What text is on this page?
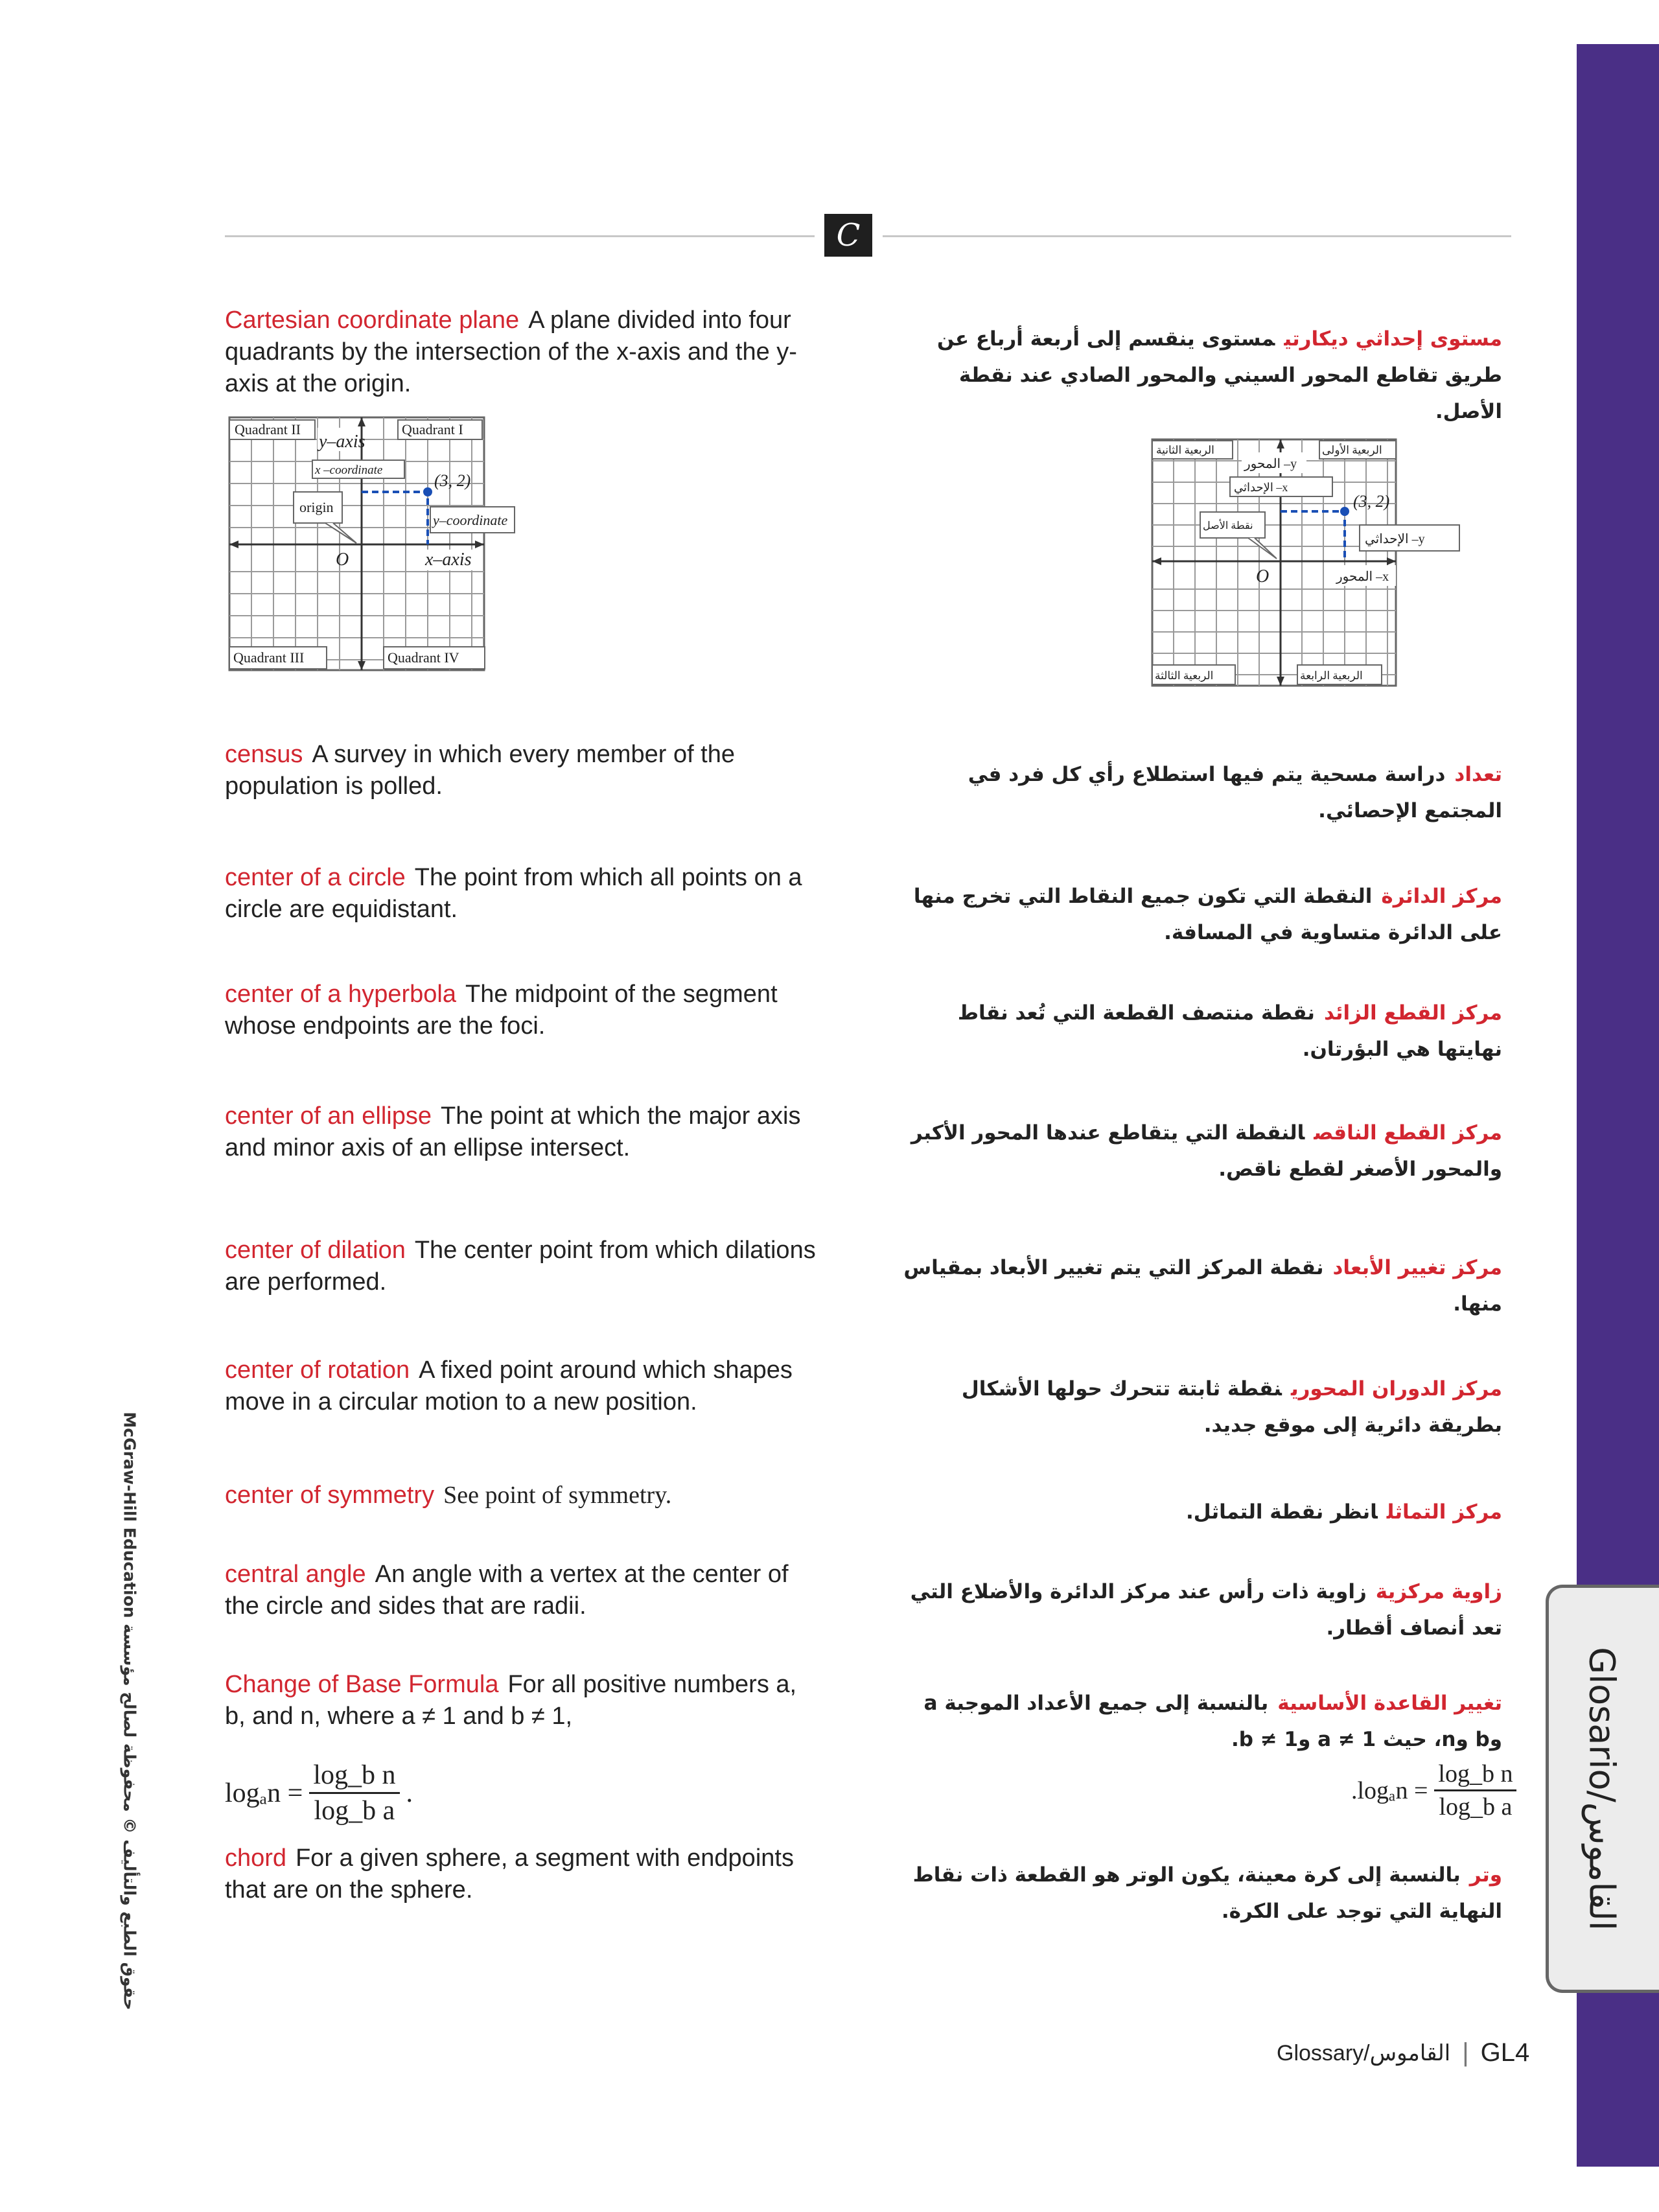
Glosario/القاموس
McGraw-Hill Education حقوق الطبع والتأليف © محفوظة لصالح مؤسسة
C
Cartesian coordinate plane A plane divided into four quadrants by the intersection of the x-axis and the y-axis at the origin.
census A survey in which every member of the population is polled.
center of a circle The point from which all points on a circle are equidistant.
center of a hyperbola The midpoint of the segment whose endpoints are the foci.
center of an ellipse The point at which the major axis and minor axis of an ellipse intersect.
center of dilation The center point from which dilations are performed.
center of rotation A fixed point around which shapes move in a circular motion to a new position.
center of symmetry See point of symmetry.
central angle An angle with a vertex at the center of the circle and sides that are radii.
Change of Base Formula For all positive numbers a, b, and n, where a ≠ 1 and b ≠ 1,
$\log_an = \frac{\text{log\_b n}}{\text{log\_b a}}$ .
chord For a given sphere, a segment with endpoints that are on the sphere.
مستوى إحداثي ديكارتيمستوى ينقسم إلى أربعة أرباع عن طريق تقاطع المحور السيني والمحور الصادي عند نقطة الأصل.
تعداددراسة مسحية يتم فيها استطلاع رأي كل فرد في المجتمع الإحصائي.
مركز الدائرةالنقطة التي تكون جميع النقاط التي تخرج منها على الدائرة متساوية في المسافة.
مركز القطع الزائدنقطة منتصف القطعة التي تُعد نقاط نهايتها هي البؤرتان.
مركز القطع الناقصالنقطة التي يتقاطع عندها المحور الأكبر والمحور الأصغر لقطع ناقص.
مركز تغيير الأبعادنقطة المركز التي يتم تغيير الأبعاد بمقياس منها.
مركز الدوران المحورينقطة ثابتة تتحرك حولها الأشكال بطريقة دائرية إلى موقع جديد.
مركز التماثلانظر نقطة التماثل.
زاوية مركزيةزاوية ذات رأس عند مركز الدائرة والأضلاع التي تعد أنصاف أقطار.
تغيير القاعدة الأساسيةبالنسبة إلى جميع الأعداد الموجبة a وb وn، حيث a ≠ 1 وb ≠ 1.
$.\log_an = \frac{\text{log\_b n}}{\text{log\_b a}}$
وتربالنسبة إلى كرة معينة، يكون الوتر هو القطعة ذات نقاط النهاية التي توجد على الكرة.
Quadrant II	Quadrant I
Quadrant III	Quadrant IV
y–axis
x –coordinate
(3, 2)
origin
y–coordinate
O	x–axis
الربعية الثانية	الربعية الأولى
الربعية الثالثة	الربعية الرابعة
المحور –y
الإحداثي –x
(3, 2)
نقطة الأصل
الإحداثي –y
O	المحور –x
Glossary/القاموس | GL4
